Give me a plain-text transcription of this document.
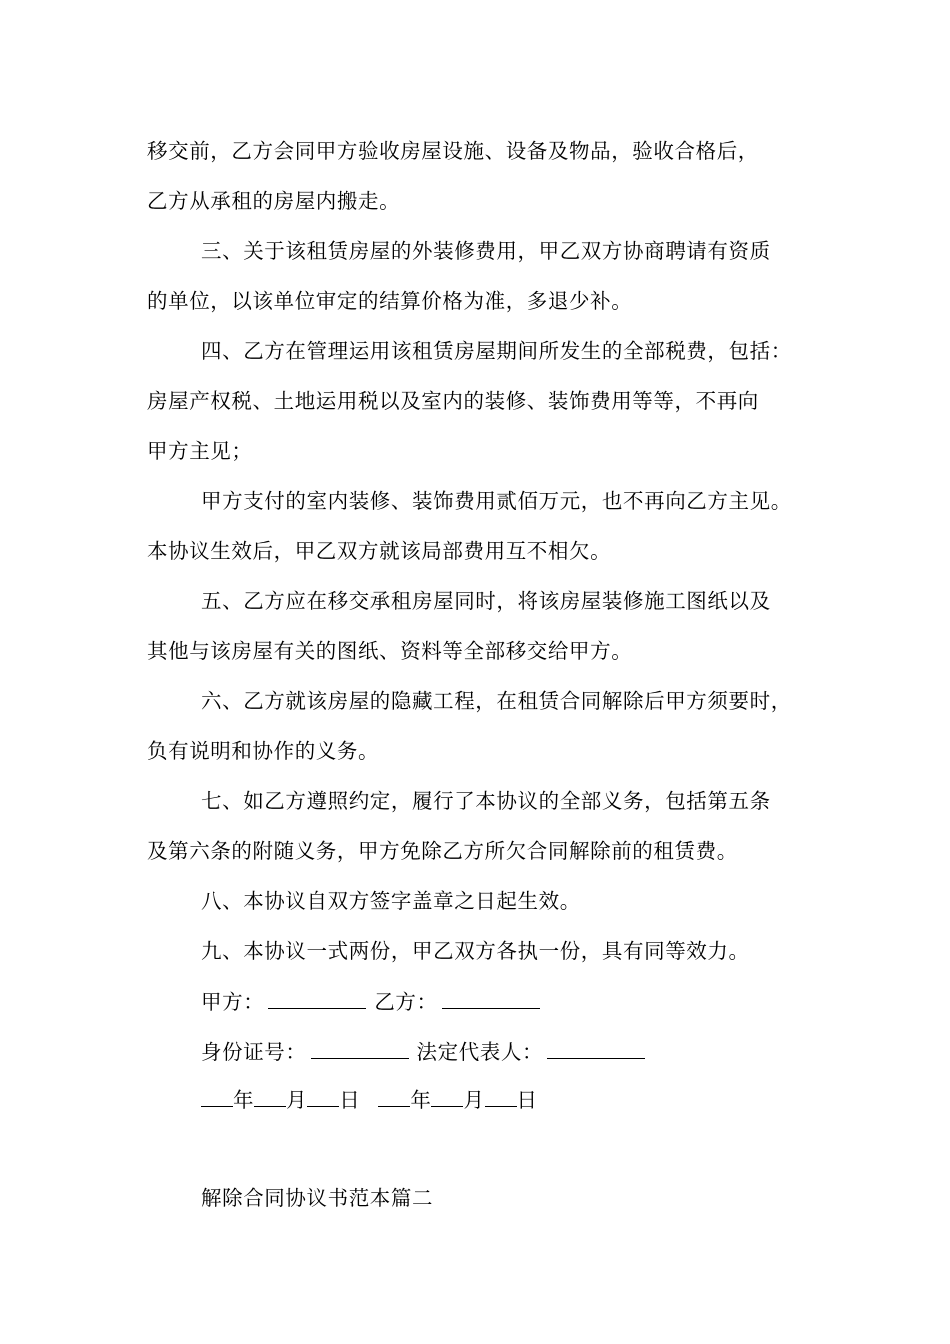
移交前，乙方会同甲方验收房屋设施、设备及物品，验收合格后，
乙方从承租的房屋内搬走。
三、关于该租赁房屋的外装修费用，甲乙双方协商聘请有资质
的单位，以该单位审定的结算价格为准，多退少补。
四、乙方在管理运用该租赁房屋期间所发生的全部税费，包括：
房屋产权税、土地运用税以及室内的装修、装饰费用等等，不再向
甲方主见；
甲方支付的室内装修、装饰费用贰佰万元，也不再向乙方主见。
本协议生效后，甲乙双方就该局部费用互不相欠。
五、乙方应在移交承租房屋同时，将该房屋装修施工图纸以及
其他与该房屋有关的图纸、资料等全部移交给甲方。
六、乙方就该房屋的隐藏工程，在租赁合同解除后甲方须要时，
负有说明和协作的义务。
七、如乙方遵照约定，履行了本协议的全部义务，包括第五条
及第六条的附随义务，甲方免除乙方所欠合同解除前的租赁费。
八、本协议自双方签字盖章之日起生效。
九、本协议一式两份，甲乙双方各执一份，具有同等效力。
甲方：	乙方：
身份证号：	法定代表人：
年 月 日 年 月 日
解除合同协议书范本篇二
